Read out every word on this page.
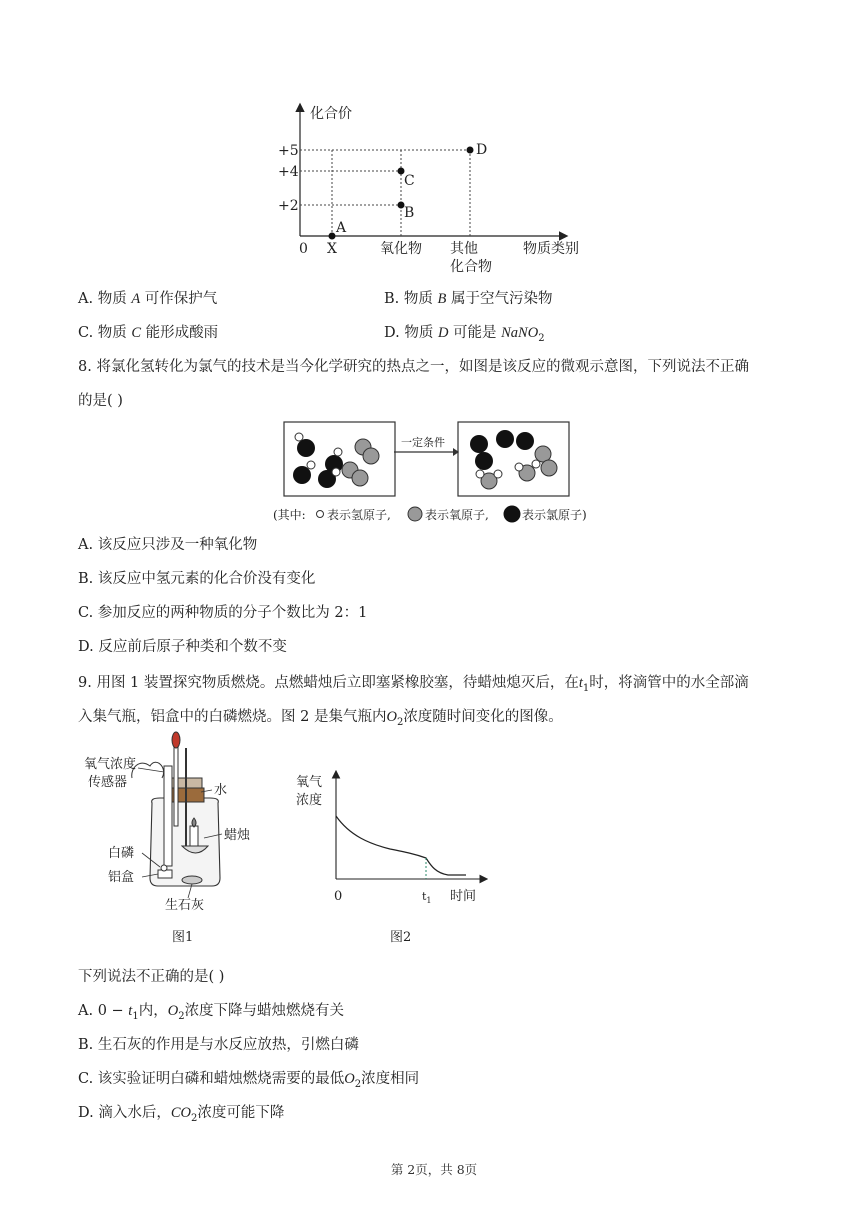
化合价
+5
+4
+2
0 X	氧化物 其他
化合物
物质类别
A
B
C
D
A. 物质 A 可作保护气	B. 物质 B 属于空气污染物
C. 物质 C 能形成酸雨	D. 物质 D 可能是 NaNO$_2$
8. 将氯化氢转化为氯气的技术是当今化学研究的热点之一，如图是该反应的微观示意图，下列说法不正确
的是( )
一定条件
(其中: 表示氢原子,	表示氧原子,	表示氯原子)
A. 该反应只涉及一种氧化物
B. 该反应中氢元素的化合价没有变化
C. 参加反应的两种物质的分子个数比为 2：1
D. 反应前后原子种类和个数不变
9. 用图 1 装置探究物质燃烧。点燃蜡烛后立即塞紧橡胶塞，待蜡烛熄灭后，在$t_1$时，将滴管中的水全部滴
入集气瓶，铝盒中的白磷燃烧。图 2 是集气瓶内$O_2$浓度随时间变化的图像。
氧气浓度
传感器
水
蜡烛
白磷
铝盒
生石灰
图1
氧气
浓度
0	$t_1$ 时间
图2
下列说法不正确的是( )
A. $0 - t_1$内，$O_2$浓度下降与蜡烛燃烧有关
B. 生石灰的作用是与水反应放热，引燃白磷
C. 该实验证明白磷和蜡烛燃烧需要的最低$O_2$浓度相同
D. 滴入水后，$CO_2$浓度可能下降
第 2页，共 8页
